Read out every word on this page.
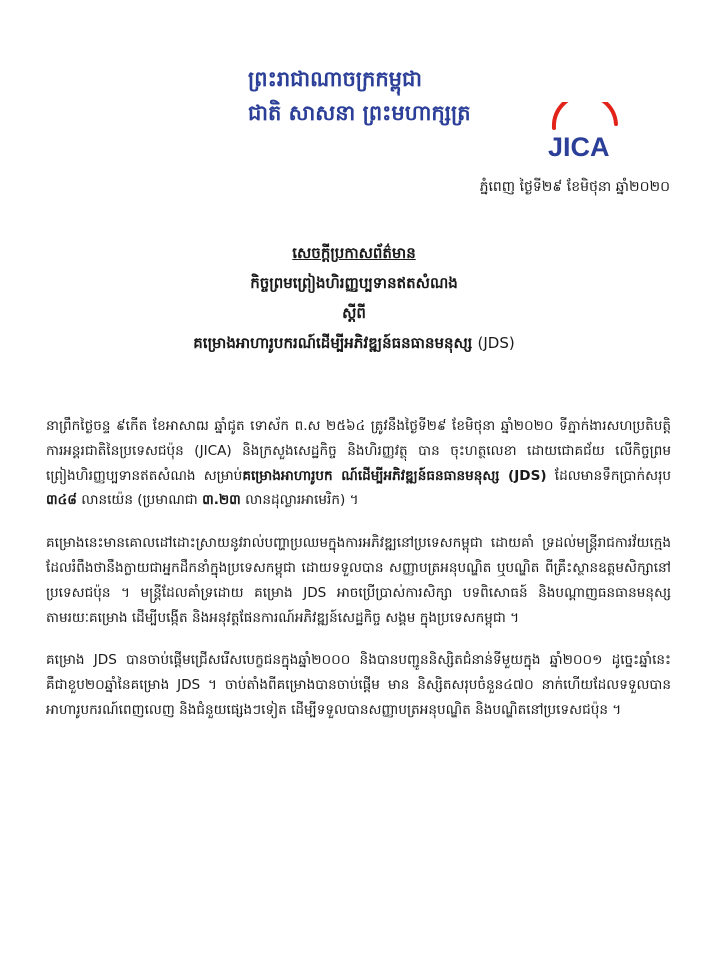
ព្រះរាជាណាចក្រកម្ពុជា
ជាតិ សាសនា ព្រះមហាក្សត្រ
JICA
ភ្នំពេញ ថ្ងៃទី២៩ ខែមិថុនា ឆ្នាំ២០២០
សេចក្តីប្រកាសព័ត៌មាន
កិច្ចព្រមព្រៀងហិរញ្ញប្បទានឥតសំណង
ស្តីពី
គម្រោងអាហារូបករណ៍ដើម្បីអភិវឌ្ឍន៍ធនធានមនុស្ស (JDS)

នាព្រឹកថ្ងៃចន្ទ ៩កើត ខែអាសាឍ ឆ្នាំជូត ទោស័ក ព.ស ២៥៦៤ ត្រូវនឹងថ្ងៃទី២៩ ខែមិថុនា ឆ្នាំ២០២០ ទីភ្នាក់ងារសហប្រតិបត្តិការអន្តរជាតិនៃប្រទេសជប៉ុន (JICA) និងក្រសួងសេដ្ឋកិច្ច និងហិរញ្ញវត្ថុ បាន ចុះហត្ថលេខា ដោយជោគជ័យ លើកិច្ចព្រមព្រៀងហិរញ្ញប្បទានឥតសំណង សម្រាប់គម្រោងអាហារូបក ណ៍ដើម្បីអភិវឌ្ឍន៍ធនធានមនុស្ស (JDS) ដែលមានទឹកប្រាក់សរុប ៣៤៨ លានយ៉េន (ប្រមាណជា ៣.២៣ លានដុល្លារអាមេរិក) ។

គម្រោងនេះមានគោលដៅដោះស្រាយនូវរាល់បញ្ហាប្រឈមក្នុងការអភិវឌ្ឍនៅប្រទេសកម្ពុជា ដោយគាំ ទ្រដល់មន្ត្រីរាជការវ័យក្មេង ដែលរំពឹងថានឹងក្លាយជាអ្នកដឹកនាំក្នុងប្រទេសកម្ពុជា ដោយទទួលបាន សញ្ញាបត្រអនុបណ្ឌិត ឬបណ្ឌិត ពីគ្រឹះស្ថានឧត្តមសិក្សានៅប្រទេសជប៉ុន ។ មន្ត្រីដែលគាំទ្រដោយ គម្រោង JDS អាចប្រើប្រាស់ការសិក្សា បទពិសោធន៍ និងបណ្ដាញធនធានមនុស្សតាមរយៈគម្រោង ដើម្បីបង្កើត និងអនុវត្តផែនការណ៍អភិវឌ្ឍន៍សេដ្ឋកិច្ច សង្គម ក្នុងប្រទេសកម្ពុជា ។

គម្រោង JDS បានចាប់ផ្តើមជ្រើសរើសបេក្ខជនក្នុងឆ្នាំ២០០០ និងបានបញ្ជូននិស្សិតជំនាន់ទីមួយក្នុង ឆ្នាំ២០០១ ដូច្នេះឆ្នាំនេះគឺជាខួប២០ឆ្នាំនៃគម្រោង JDS ។ ចាប់តាំងពីគម្រោងបានចាប់ផ្តើម មាន និស្សិតសរុបចំនួន៤៧០ នាក់ហើយដែលទទួលបានអាហារូបករណ៍ពេញលេញ និងជំនួយផ្សេងៗទៀត ដើម្បីទទួលបានសញ្ញាបត្រអនុបណ្ឌិត និងបណ្ឌិតនៅប្រទេសជប៉ុន ។
